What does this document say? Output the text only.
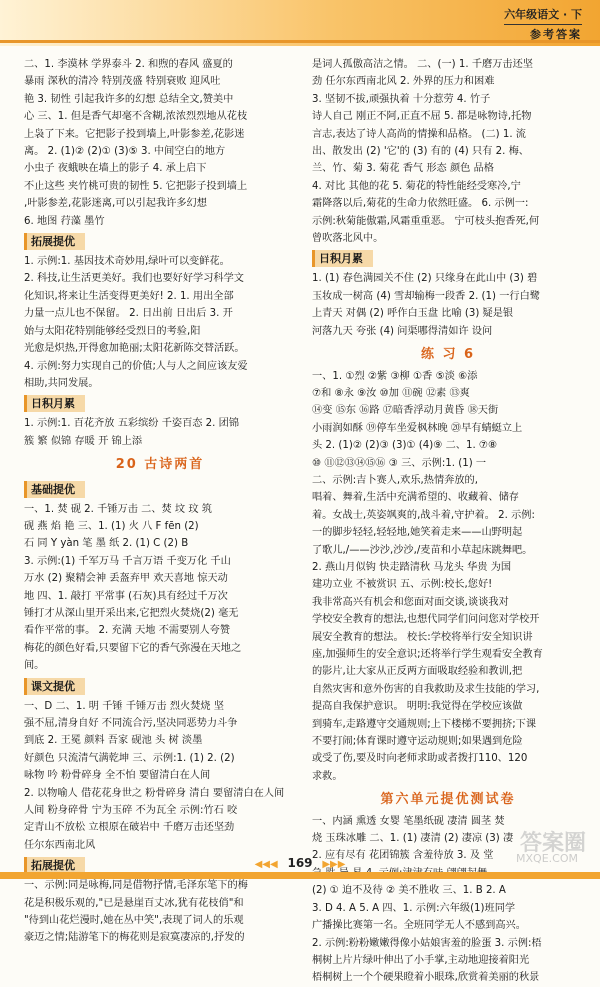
六年级语文 · 下
参考答案
二、1. 李漠林 学界泰斗 2. 和煦的春风 盛夏的
暴雨 深秋的清冷 特别茂盛 特别衰败 迎风吐
艳 3. 韧性 引起我许多的幻想 总结全文,赞美中
心 三、1. 但是香气却毫不含糊,浓浓烈烈地从花枝
上袅了下来。它把影子投到墙上,叶影参差,花影迷
离。 2. (1)② (2)① (3)⑤ 3. 中间空白的地方
小虫子 夜蛾映在墙上的影子 4. 承上启下
不止这些 夹竹桃可贵的韧性 5. 它把影子投到墙上
,叶影参差,花影迷离,可以引起我许多幻想
6. 地图 荇藻 墨竹
拓展提优
1. 示例:1. 基因技术奇妙用,绿叶可以变鲜花。
2. 科技,让生活更美好。我们也要好好学习科学文
化知识,将来让生活变得更美好! 2. 1. 用出全部
力量一点儿也不保留。 2. 日出前 日出后 3. 开
始与太阳花特别能够经受烈日的考验,阳
光愈是炽热,开得愈加艳丽;太阳花新陈交替活跃。
4. 示例:努力实现自己的价值;人与人之间应该友爱
相助,共同发展。
日积月累
1. 示例:1. 百花齐放 五彩缤纷 千姿百态 2. 团锦
簇 繁 似锦 存暖 开 锦上添
20 古诗两首
基础提优
一、1. 焚 砚 2. 千锤万击 二、焚 坟 玟 筑
砚 燕 焰 艳 三、1. (1) 火 八 F fēn (2)
石 同 Y yàn 笔 墨 纸 2. (1) C (2) B
3. 示例:(1) 千军万马 千言万语 千变万化 千山
万水 (2) 聚精会神 丢盔弃甲 欢天喜地 惊天动
地 四、1. 敲打 平常事 (石灰)具有经过千万次
锤打才从深山里开采出来,它把烈火焚烧(2) 毫无
看作平常的事。 2. 充满 天地 不需要别人夸赞
梅花的颜色好看,只要留下它的香气弥漫在天地之
间。
课文提优
一、D 二、1. 明 千锤 千锤万击 烈火焚烧 坚
强不屈,清身自好 不同流合污,坚决同恶势力斗争
到底 2. 王冕 颜料 吾家 砚池 头 树 淡墨
好颜色 只流清气满乾坤 三、示例:1. (1) 2. (2)
咏物 吟 粉骨碎身 全不怕 要留清白在人间
2. 以物喻人 借花花身世之 粉骨碎身 清白 要留清白在人间
人间 粉身碎骨 宁为玉碎 不为瓦全 示例:竹石 咬
定青山不放松 立根原在破岩中 千磨万击还坚劲
任尔东西南北风
拓展提优
一、示例:同是咏梅,同是借物抒情,毛泽东笔下的梅
花是积极乐观的,"已是悬崖百丈冰,犹有花枝俏"和
"待到山花烂漫时,她在丛中笑",表现了词人的乐观
豪迈之情;陆游笔下的梅花则是寂寞凄凉的,抒发的
是词人孤傲高洁之情。 二、(一) 1. 千磨万击还坚
劲 任尔东西南北风 2. 外界的压力和困难
3. 坚韧不拔,顽强执着 十分惹劳 4. 竹子
诗人自己 刚正不阿,正直不屈 5. 都是咏物诗,托物
言志,表达了诗人高尚的情操和品格。 (二) 1. 流
出、散发出 (2) '它'的 (3) 有的 (4) 只有 2. 梅、
兰、竹、菊 3. 菊花 香气 形态 颜色 品格
4. 对比 其他的花 5. 菊花的特性能经受寒冷,宁
霜降落以后,菊花的生命力依然旺盛。 6. 示例一:
示例:秋菊能傲霜,风霜重重恶。 宁可枝头抱香死,何
曾吹落北风中。
日积月累
1. (1) 春色满园关不住 (2) 只缘身在此山中 (3) 碧
玉妆成一树高 (4) 雪却输梅一段香 2. (1) 一行白鹭
上青天 对偶 (2) 呼作白玉盘 比喻 (3) 疑是银
河落九天 夸张 (4) 问渠哪得清如许 设问
练 习 6
一、1. ①烈 ②紫 ③柳 ①香 ⑤淡 ⑥添
⑦和 ⑧永 ⑨汝 ⑩加 ⑪碗 ⑫素 ⑬爽
⑭变 ⑮东 ⑯路 ⑰暗香浮动月黄昏 ⑱天街
小雨润如酥 ⑲停车坐爱枫林晚 ⑳早有蜻蜓立上
头 2. (1)② (2)③ (3)① (4)⑨ 二、1. ⑦⑧
⑩ ⑪⑫⑬⑭⑮⑯ ③ 三、示例:1. (1) 一
二、示例:吉卜赛人,欢乐,热情奔放的,
唱着、舞着,生活中充满希望的、收藏着、储存
着。女战士,英姿飒爽的,战斗着,守护着。 2. 示例:
一的脚步轻轻,轻轻地,她笑着走来——山野明起
了歌儿,/——沙沙,沙沙,/麦苗和小草起床跳舞吧。
2. 燕山月似钩 快走踏清秋 马龙头 华贵 为国
建功立业 不被赏识 五、示例:校长,您好!
我非常高兴有机会和您面对面交谈,谈谈我对
学校安全教育的想法,也想代同学们问问您对学校开
展安全教育的想法。 校长:学校将举行安全知识讲
座,加强师生的安全意识;还将举行学生观看安全教育
的影片,让大家从正反两方面吸取经验和教训,把
自然灾害和意外伤害的自我救助及求生技能的学习,
提高自我保护意识。 明明:我觉得在学校应该做
到骑车,走路遵守交通规则;上下楼梯不要拥挤;下课
不要打闹;体育课时遵守运动规则;如果遇到危险
或受了伤,要及时向老师求助或者拨打110、120
求救。
第六单元提优测试卷
一、内涵 熏透 女婴 笔墨纸砚 凄清 圆茎 焚
烧 玉珠冰雕 二、1. (1) 凄清 (2) 凄凉 (3) 凄
2. 应有尽有 花团锦簇 含羞待放 3. 及 堂
(2) ① 迫不及待 ② 美不胜收 三、1. B 2. A
3. D 4. A 5. A 四、1. 示例:六年级(1)班同学
广播操比赛第一名。全班同学无人不感到高兴。
2. 示例:粉粉嫩嫩得像小姑娘害羞的脸蛋 3. 示例:梧
桐树上片片绿叶伸出了小手掌,主动地迎接着阳光
梧桐树上一个个硬果瞪着小眼珠,欣赏着美丽的秋景
答案圈
MXQE.COM
◀◀◀ 169 ▶▶▶
